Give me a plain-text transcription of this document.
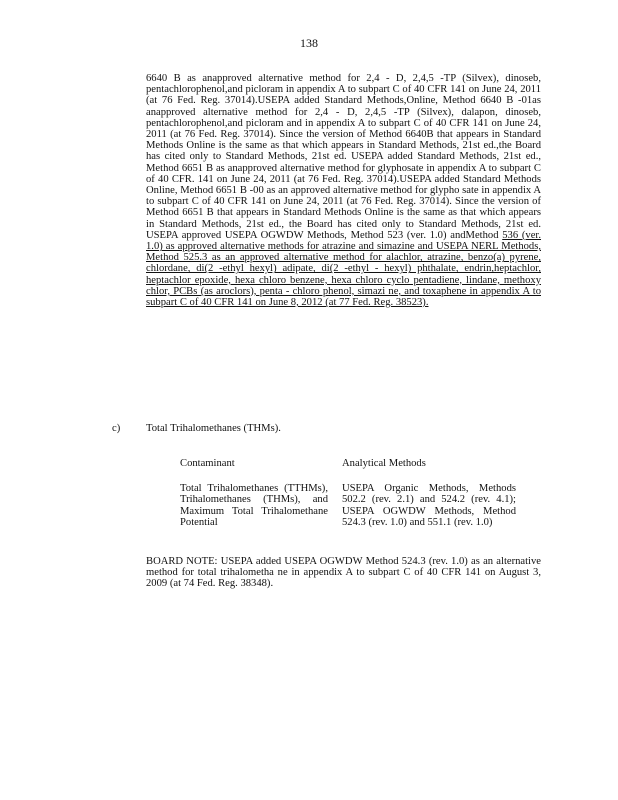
138
6640 B as anapproved alternative method for 2,4 - D, 2,4,5 -TP (Silvex), dinoseb, pentachlorophenol,and picloram in appendix A to subpart C of 40 CFR 141 on June 24, 2011 (at 76 Fed. Reg. 37014).USEPA added Standard Methods,Online, Method 6640 B -01as anapproved alternative method for 2,4 - D, 2,4,5 -TP (Silvex), dalapon, dinoseb, pentachlorophenol,and picloram and in appendix A to subpart C of 40 CFR 141 on June 24, 2011 (at 76 Fed. Reg. 37014). Since the version of Method 6640B that appears in Standard Methods Online is the same as that which appears in Standard Methods, 21st ed.,the Board has cited only to Standard Methods, 21st ed. USEPA added Standard Methods, 21st ed., Method 6651 B as anapproved alternative method for glyphosate in appendix A to subpart C of 40 CFR. 141 on June 24, 2011 (at 76 Fed. Reg. 37014).USEPA added Standard Methods Online, Method 6651 B -00 as an approved alternative method for glypho sate in appendix A to subpart C of 40 CFR 141 on June 24, 2011 (at 76 Fed. Reg. 37014). Since the version of Method 6651 B that appears in Standard Methods Online is the same as that which appears in Standard Methods, 21st ed., the Board has cited only to Standard Methods, 21st ed. USEPA approved USEPA OGWDW Methods, Method 523 (ver. 1.0) andMethod 536 (ver. 1.0) as approved alternative methods for atrazine and simazine and USEPA NERL Methods, Method 525.3 as an approved alternative method for alachlor, atrazine, benzo(a) pyrene, chlordane, di(2 -ethyl hexyl) adipate, di(2 -ethyl - hexyl) phthalate, endrin,heptachlor, heptachlor epoxide, hexa chloro benzene, hexa chloro cyclo pentadiene, lindane, methoxy chlor, PCBs (as aroclors), penta - chloro phenol, simazi ne, and toxaphene in appendix A to subpart C of 40 CFR 141 on June 8, 2012 (at 77 Fed. Reg. 38523).
c) Total Trihalomethanes (THMs).
Contaminant	Analytical Methods
Total Trihalomethanes (TTHMs), Trihalomethanes (THMs), and Maximum Total Trihalomethane Potential
USEPA Organic Methods, Methods 502.2 (rev. 2.1) and 524.2 (rev. 4.1); USEPA OGWDW Methods, Method 524.3 (rev. 1.0) and 551.1 (rev. 1.0)
BOARD NOTE: USEPA added USEPA OGWDW Method 524.3 (rev. 1.0) as an alternative method for total trihalometha ne in appendix A to subpart C of 40 CFR 141 on August 3, 2009 (at 74 Fed. Reg. 38348).
